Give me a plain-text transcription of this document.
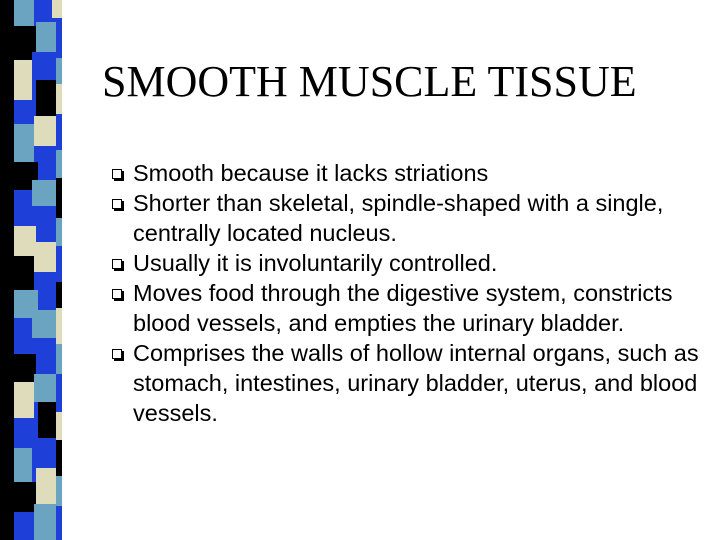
SMOOTH MUSCLE TISSUE
Smooth because it lacks striations
Shorter than skeletal, spindle-shaped with a single, centrally located nucleus.
Usually it is involuntarily controlled.
Moves food through the digestive system, constricts blood vessels, and empties the urinary bladder.
Comprises the walls of hollow internal organs, such as stomach, intestines, urinary bladder, uterus, and blood vessels.
